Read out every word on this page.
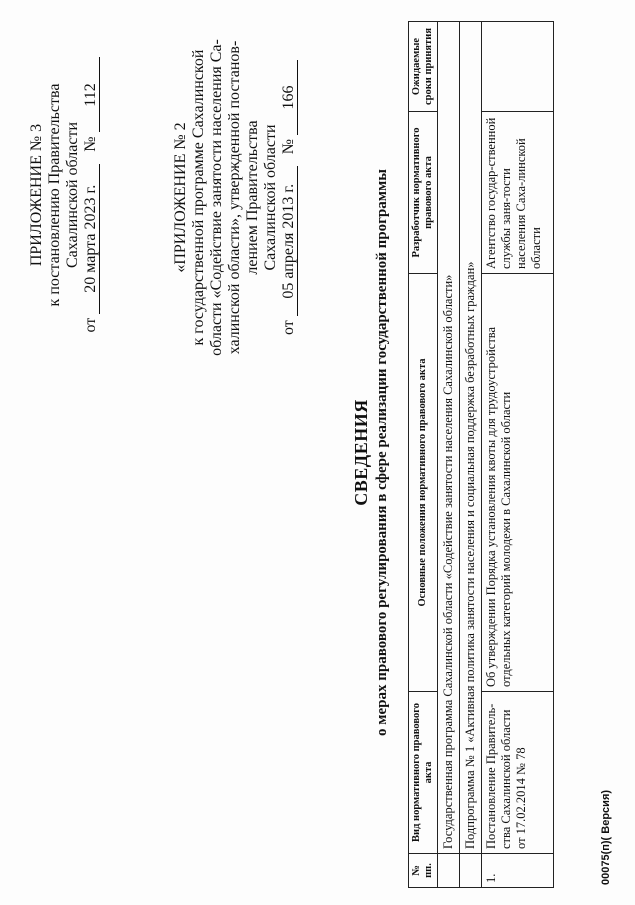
ПРИЛОЖЕНИЕ № 3 к постановлению Правительства Сахалинской области
от 20 марта 2023 г. № 112
«ПРИЛОЖЕНИЕ № 2 к государственной программе Сахалинской области «Содействие занятости населения Са- халинской области», утвержденной постанов- лением Правительства Сахалинской области
от 05 апреля 2013 г. № 166
СВЕДЕНИЯ о мерах правового регулирования в сфере реализации государственной программы
№ пп.	Вид нормативного правового акта	Основные положения нормативного правового акта	Разработчик нормативного правового акта	Ожидаемые сроки принятия
	Государственная программа Сахалинской области «Содействие занятости населения Сахалинской области»			
	Подпрограмма № 1 «Активная политика занятости населения и социальная поддержка безработных граждан»			
1.	Постановление Правитель-ства Сахалинской области от 17.02.2014 № 78	Об утверждении Порядка установления квоты для трудоустройства отдельных категорий молодежи в Сахалинской области	Агентство государ-ственной службы заня-тости населения Саха-линской области	
00075(п)( Версия)
